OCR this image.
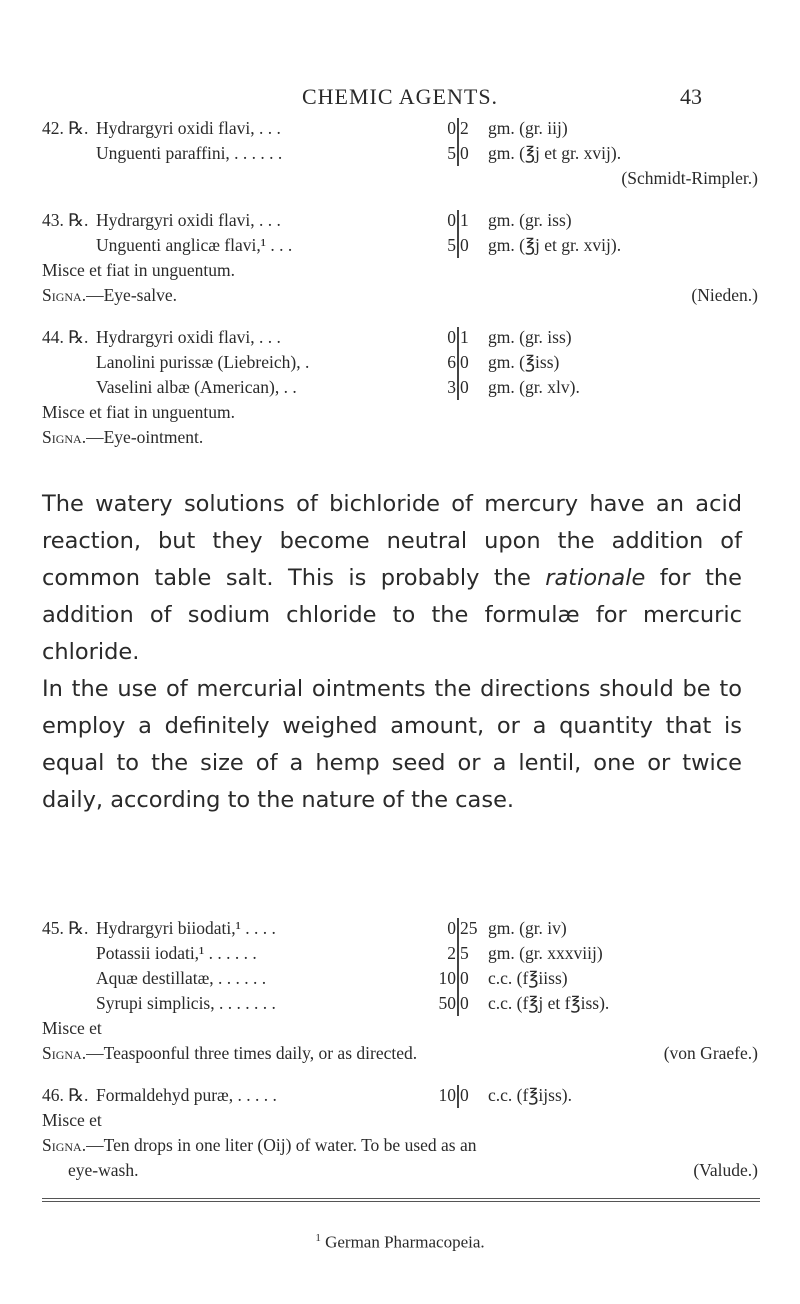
CHEMIC AGENTS.	43
42. ℞. Hydrargyri oxidi flavi, . . .	0 2 gm. (gr. iij)
Unguenti paraffini, . . . . . .	5 0 gm. (℥j et gr. xvij).
(Schmidt-Rimpler.)
43. ℞. Hydrargyri oxidi flavi, . . .	0 1 gm. (gr. iss)
Unguenti anglicæ flavi,¹ . . .	5 0 gm. (℥j et gr. xvij).
Misce et fiat in unguentum.
Signa.—Eye-salve.	(Nieden.)
44. ℞. Hydrargyri oxidi flavi, . . .	0 1 gm. (gr. iss)
Lanolini purissæ (Liebreich), .	6 0 gm. (℥iss)
Vaselini albæ (American), . .	3 0 gm. (gr. xlv).
Misce et fiat in unguentum.
Signa.—Eye-ointment.

The watery solutions of bichloride of mercury have an acid reaction, but they become neutral upon the addition of common table salt. This is probably the rationale for the addition of sodium chloride to the formulæ for mercuric chloride.

In the use of mercurial ointments the directions should be to employ a definitely weighed amount, or a quantity that is equal to the size of a hemp seed or a lentil, one or twice daily, according to the nature of the case.

45. ℞. Hydrargyri biiodati,¹ . . . .	0 25 gm. (gr. iv)
Potassii iodati,¹ . . . . . .	2 5 gm. (gr. xxxviij)
Aquæ destillatæ, . . . . . .	10 0 c.c. (f℥iiss)
Syrupi simplicis, . . . . . . .	50 0 c.c. (f℥j et f℥iss).
Misce et
Signa.—Teaspoonful three times daily, or as directed.	(von Graefe.)
46. ℞. Formaldehyd puræ, . . . . .	10 0 c.c. (f℥ijss).
Misce et
Signa.—Ten drops in one liter (Oij) of water. To be used as an
eye-wash.	(Valude.)
$^1$ German Pharmacopeia.
